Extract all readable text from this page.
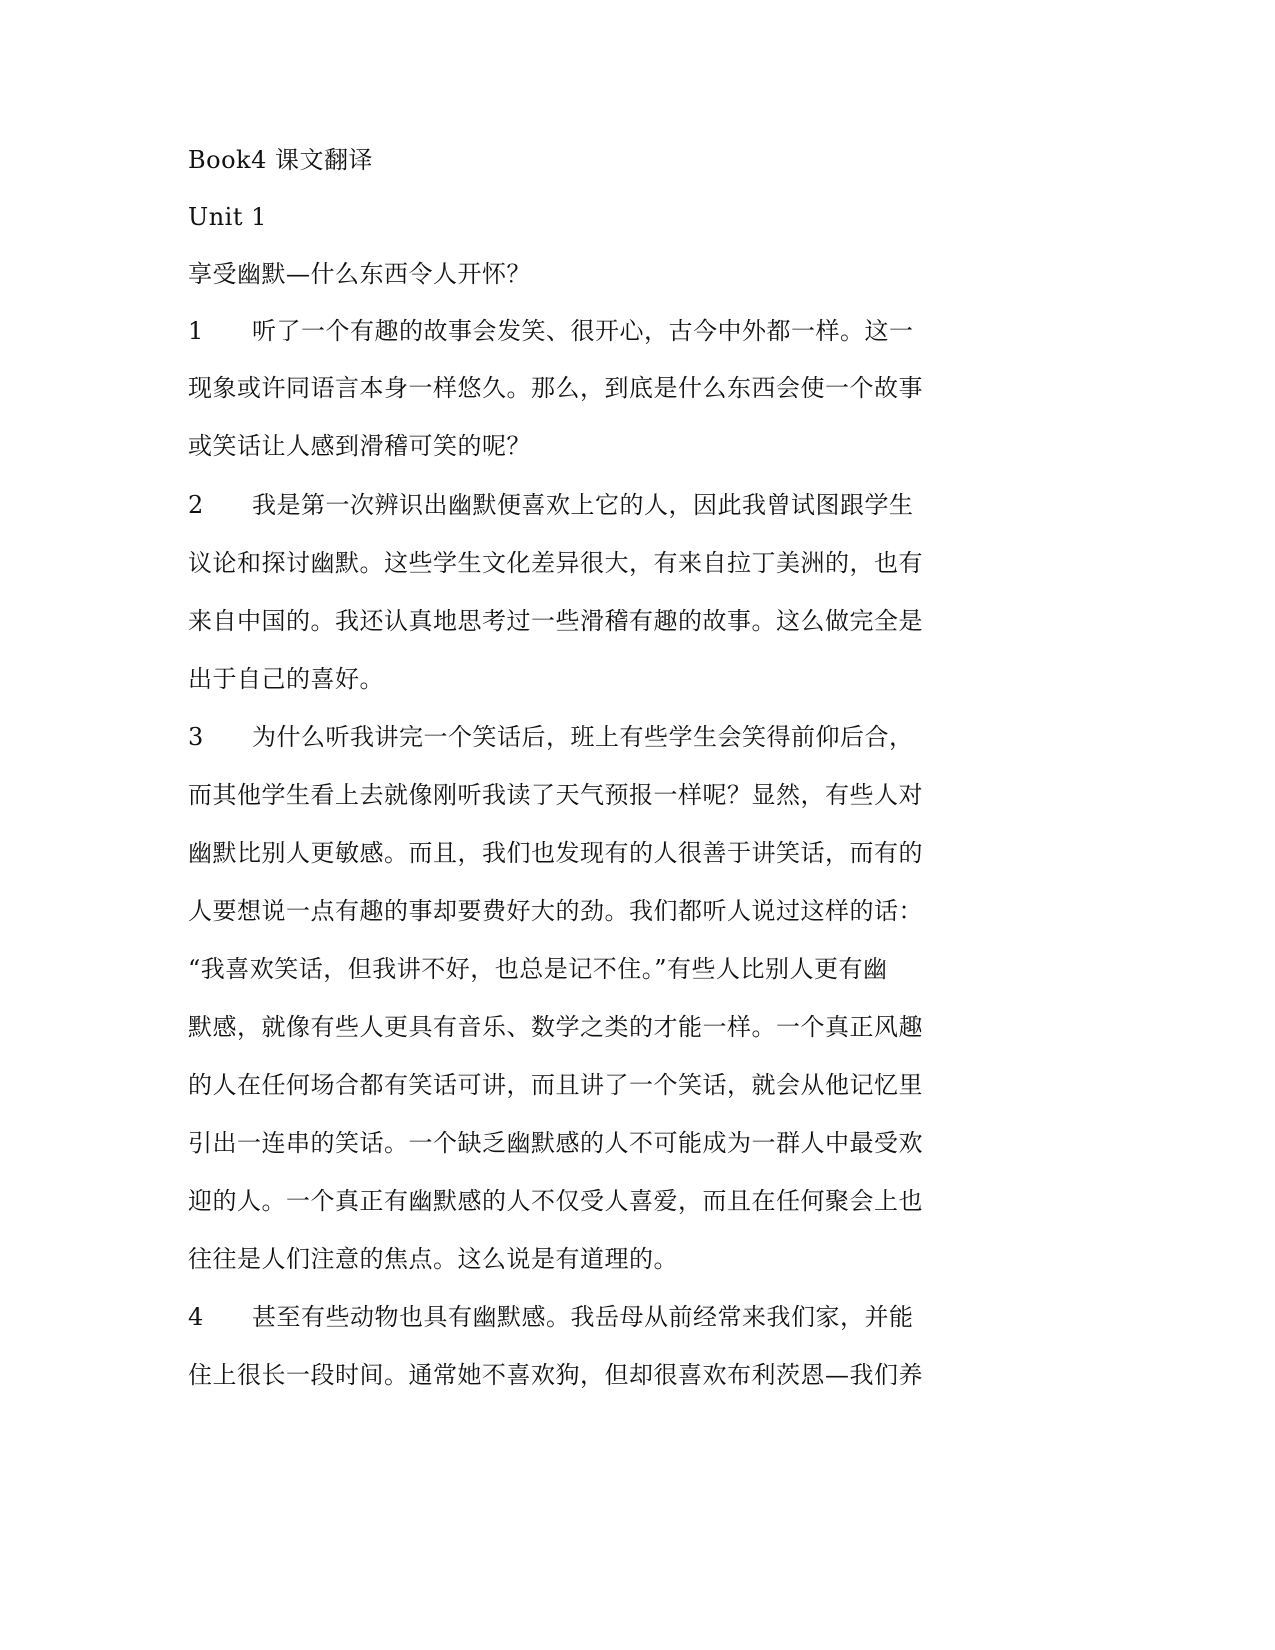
Book4 课文翻译
Unit 1
享受幽默—什么东西令人开怀？
1 听了一个有趣的故事会发笑、很开心，古今中外都一样。这一
现象或许同语言本身一样悠久。那么，到底是什么东西会使一个故事
或笑话让人感到滑稽可笑的呢？
2 我是第一次辨识出幽默便喜欢上它的人，因此我曾试图跟学生
议论和探讨幽默。这些学生文化差异很大，有来自拉丁美洲的，也有
来自中国的。我还认真地思考过一些滑稽有趣的故事。这么做完全是
出于自己的喜好。
3 为什么听我讲完一个笑话后，班上有些学生会笑得前仰后合，
而其他学生看上去就像刚听我读了天气预报一样呢？显然，有些人对
幽默比别人更敏感。而且，我们也发现有的人很善于讲笑话，而有的
人要想说一点有趣的事却要费好大的劲。我们都听人说过这样的话：
“我喜欢笑话，但我讲不好，也总是记不住。”有些人比别人更有幽
默感，就像有些人更具有音乐、数学之类的才能一样。一个真正风趣
的人在任何场合都有笑话可讲，而且讲了一个笑话，就会从他记忆里
引出一连串的笑话。一个缺乏幽默感的人不可能成为一群人中最受欢
迎的人。一个真正有幽默感的人不仅受人喜爱，而且在任何聚会上也
往往是人们注意的焦点。这么说是有道理的。
4 甚至有些动物也具有幽默感。我岳母从前经常来我们家，并能
住上很长一段时间。通常她不喜欢狗，但却很喜欢布利茨恩—我们养
